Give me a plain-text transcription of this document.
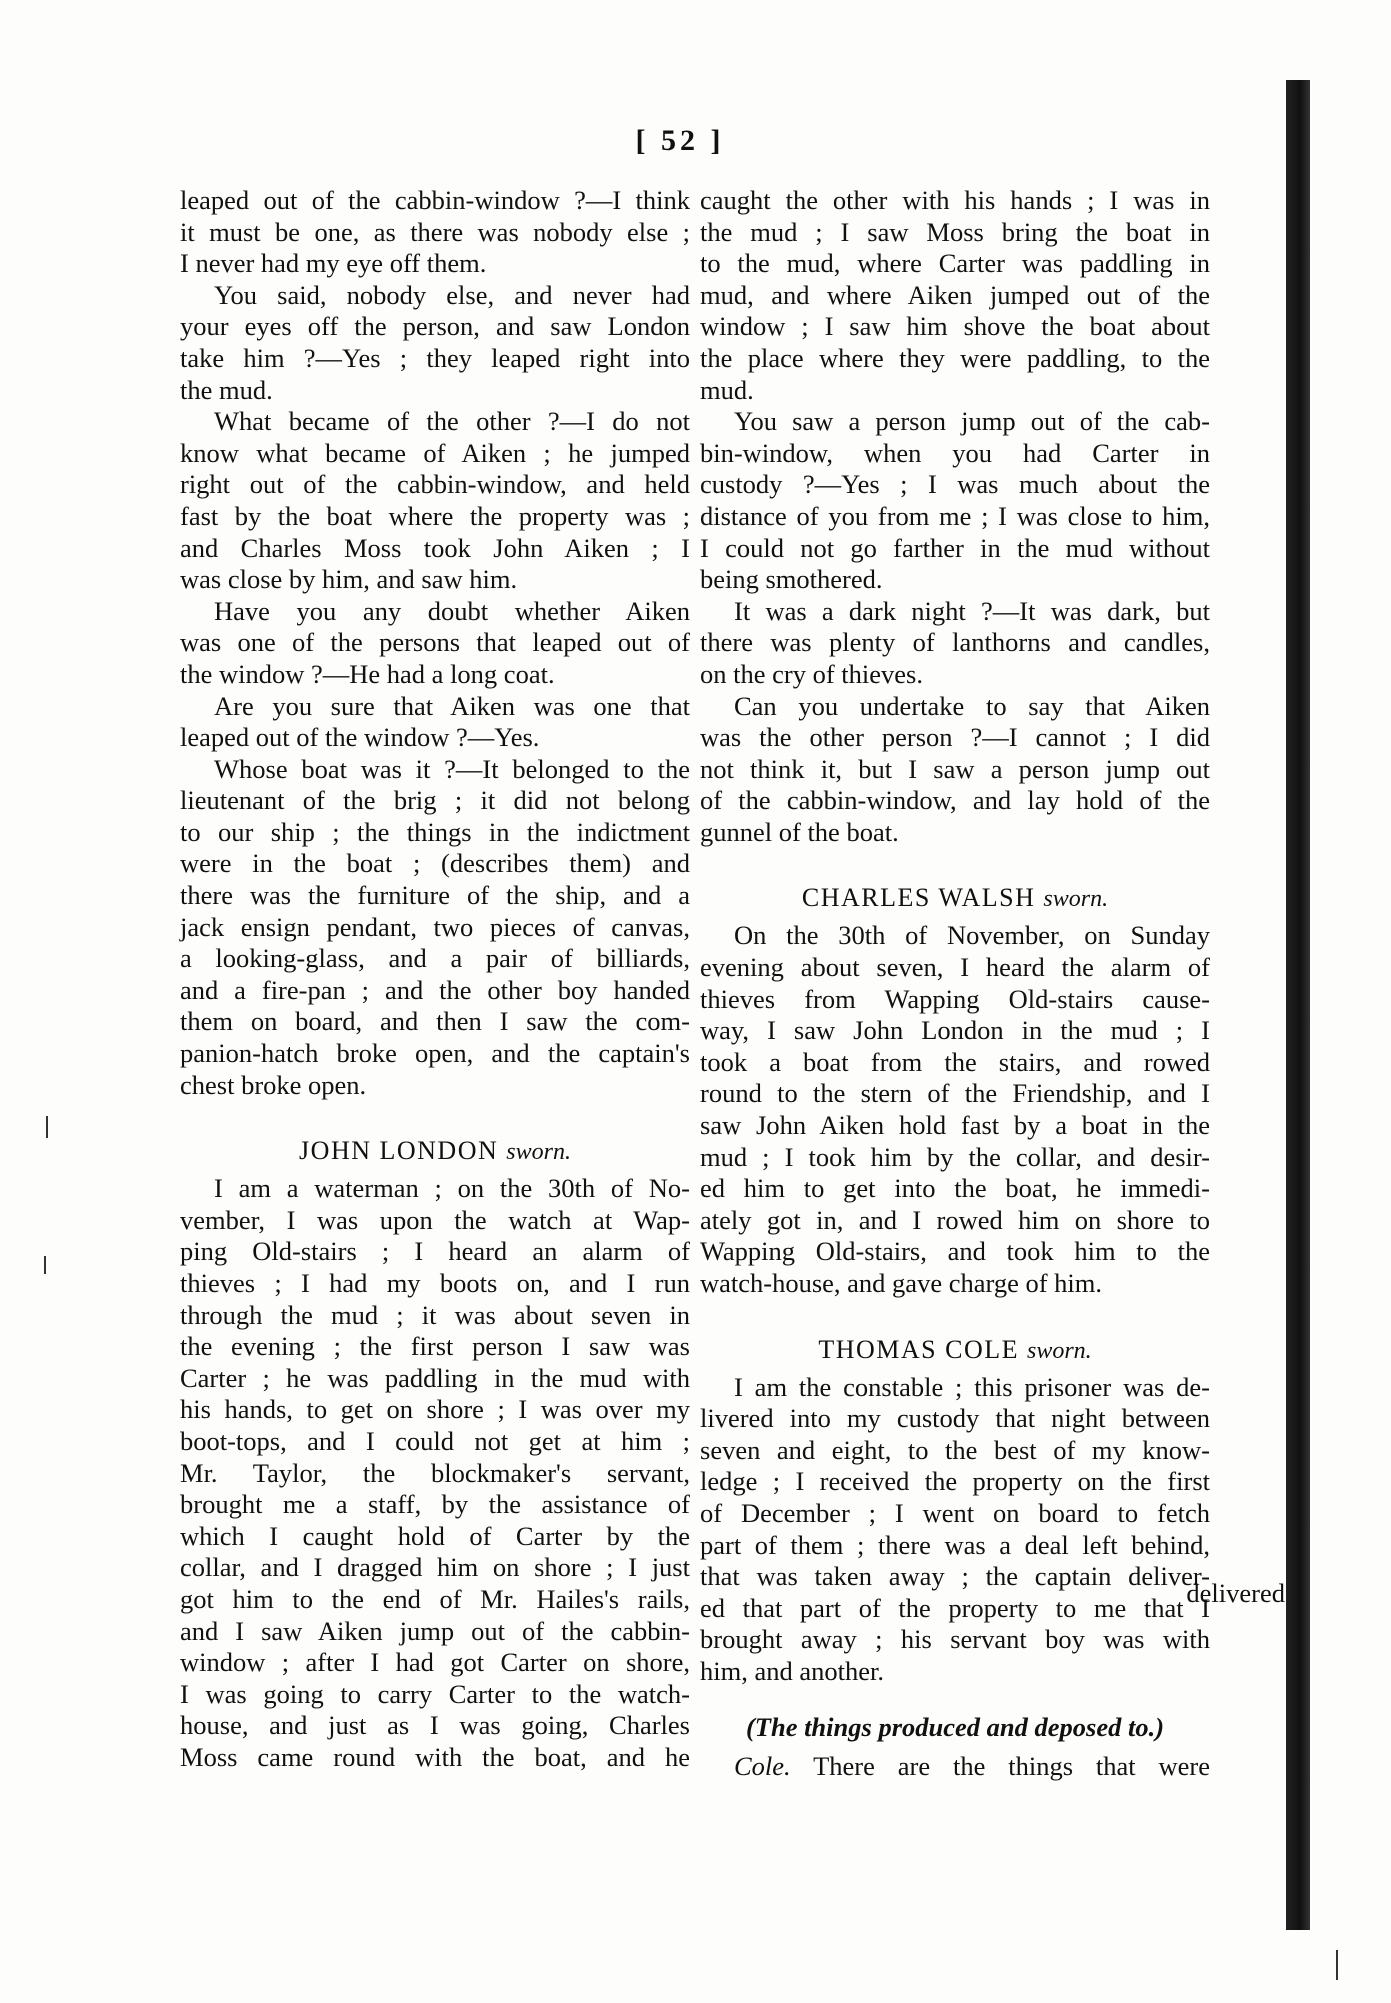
[ 52 ]
leaped out of the cabbin-window ?—I think
it must be one, as there was nobody else ;
I never had my eye off them.
You said, nobody else, and never had
your eyes off the person, and saw London
take him ?—Yes ; they leaped right into
the mud.
What became of the other ?—I do not
know what became of Aiken ; he jumped
right out of the cabbin-window, and held
fast by the boat where the property was ;
and Charles Moss took John Aiken ; I
was close by him, and saw him.
Have you any doubt whether Aiken
was one of the persons that leaped out of
the window ?—He had a long coat.
Are you sure that Aiken was one that
leaped out of the window ?—Yes.
Whose boat was it ?—It belonged to the
lieutenant of the brig ; it did not belong
to our ship ; the things in the indictment
were in the boat ; (describes them) and
there was the furniture of the ship, and a
jack ensign pendant, two pieces of canvas,
a looking-glass, and a pair of billiards,
and a fire-pan ; and the other boy handed
them on board, and then I saw the com-
panion-hatch broke open, and the captain's
chest broke open.
JOHN LONDON sworn.
I am a waterman ; on the 30th of No-
vember, I was upon the watch at Wap-
ping Old-stairs ; I heard an alarm of
thieves ; I had my boots on, and I run
through the mud ; it was about seven in
the evening ; the first person I saw was
Carter ; he was paddling in the mud with
his hands, to get on shore ; I was over my
boot-tops, and I could not get at him ;
Mr. Taylor, the blockmaker's servant,
brought me a staff, by the assistance of
which I caught hold of Carter by the
collar, and I dragged him on shore ; I just
got him to the end of Mr. Hailes's rails,
and I saw Aiken jump out of the cabbin-
window ; after I had got Carter on shore,
I was going to carry Carter to the watch-
house, and just as I was going, Charles
Moss came round with the boat, and he
caught the other with his hands ; I was in
the mud ; I saw Moss bring the boat in
to the mud, where Carter was paddling in
mud, and where Aiken jumped out of the
window ; I saw him shove the boat about
the place where they were paddling, to the
mud.
You saw a person jump out of the cab-
bin-window, when you had Carter in
custody ?—Yes ; I was much about the
distance of you from me ; I was close to him,
I could not go farther in the mud without
being smothered.
It was a dark night ?—It was dark, but
there was plenty of lanthorns and candles,
on the cry of thieves.
Can you undertake to say that Aiken
was the other person ?—I cannot ; I did
not think it, but I saw a person jump out
of the cabbin-window, and lay hold of the
gunnel of the boat.
CHARLES WALSH sworn.
On the 30th of November, on Sunday
evening about seven, I heard the alarm of
thieves from Wapping Old-stairs cause-
way, I saw John London in the mud ; I
took a boat from the stairs, and rowed
round to the stern of the Friendship, and I
saw John Aiken hold fast by a boat in the
mud ; I took him by the collar, and desir-
ed him to get into the boat, he immedi-
ately got in, and I rowed him on shore to
Wapping Old-stairs, and took him to the
watch-house, and gave charge of him.
THOMAS COLE sworn.
I am the constable ; this prisoner was de-
livered into my custody that night between
seven and eight, to the best of my know-
ledge ; I received the property on the first
of December ; I went on board to fetch
part of them ; there was a deal left behind,
that was taken away ; the captain deliver-
ed that part of the property to me that I
brought away ; his servant boy was with
him, and another.
(The things produced and deposed to.)
Cole. There are the things that were
delivered
